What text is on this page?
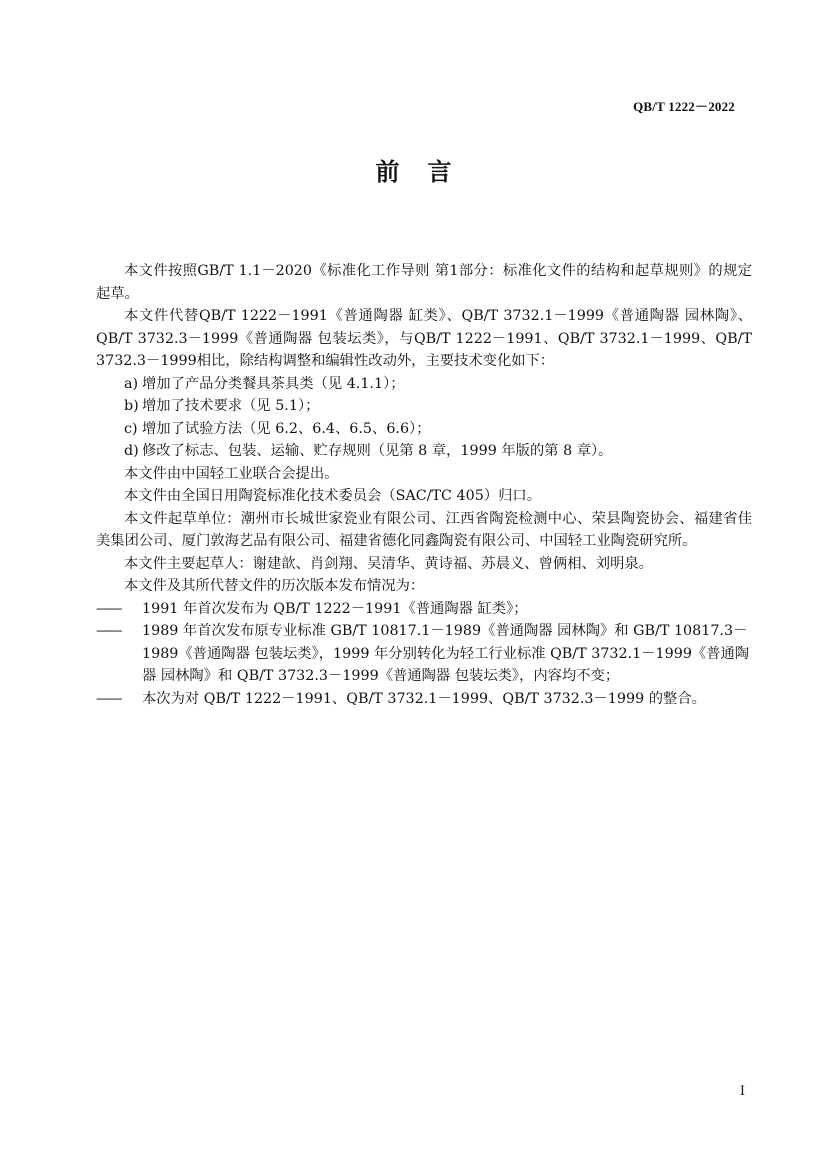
QB/T 1222－2022
前言
本文件按照GB/T 1.1－2020《标准化工作导则 第1部分：标准化文件的结构和起草规则》的规定起草。
本文件代替QB/T 1222－1991《普通陶器 缸类》、QB/T 3732.1－1999《普通陶器 园林陶》、QB/T 3732.3－1999《普通陶器 包装坛类》，与QB/T 1222－1991、QB/T 3732.1－1999、QB/T 3732.3－1999相比，除结构调整和编辑性改动外，主要技术变化如下：
a) 增加了产品分类餐具茶具类（见 4.1.1）；
b) 增加了技术要求（见 5.1）；
c) 增加了试验方法（见 6.2、6.4、6.5、6.6）；
d) 修改了标志、包装、运输、贮存规则（见第 8 章，1999 年版的第 8 章）。
本文件由中国轻工业联合会提出。
本文件由全国日用陶瓷标准化技术委员会（SAC/TC 405）归口。
本文件起草单位：潮州市长城世家瓷业有限公司、江西省陶瓷检测中心、荣县陶瓷协会、福建省佳美集团公司、厦门敦海艺品有限公司、福建省德化同鑫陶瓷有限公司、中国轻工业陶瓷研究所。
本文件主要起草人：谢建歆、肖剑翔、吴清华、黄诗福、苏晨义、曾俩相、刘明泉。
本文件及其所代替文件的历次版本发布情况为：
—— 1991 年首次发布为 QB/T 1222－1991《普通陶器 缸类》；
—— 1989 年首次发布原专业标准 GB/T 10817.1－1989《普通陶器 园林陶》和 GB/T 10817.3－1989《普通陶器 包装坛类》，1999 年分别转化为轻工行业标准 QB/T 3732.1－1999《普通陶器 园林陶》和 QB/T 3732.3－1999《普通陶器 包装坛类》，内容均不变；
—— 本次为对 QB/T 1222－1991、QB/T 3732.1－1999、QB/T 3732.3－1999 的整合。
I
